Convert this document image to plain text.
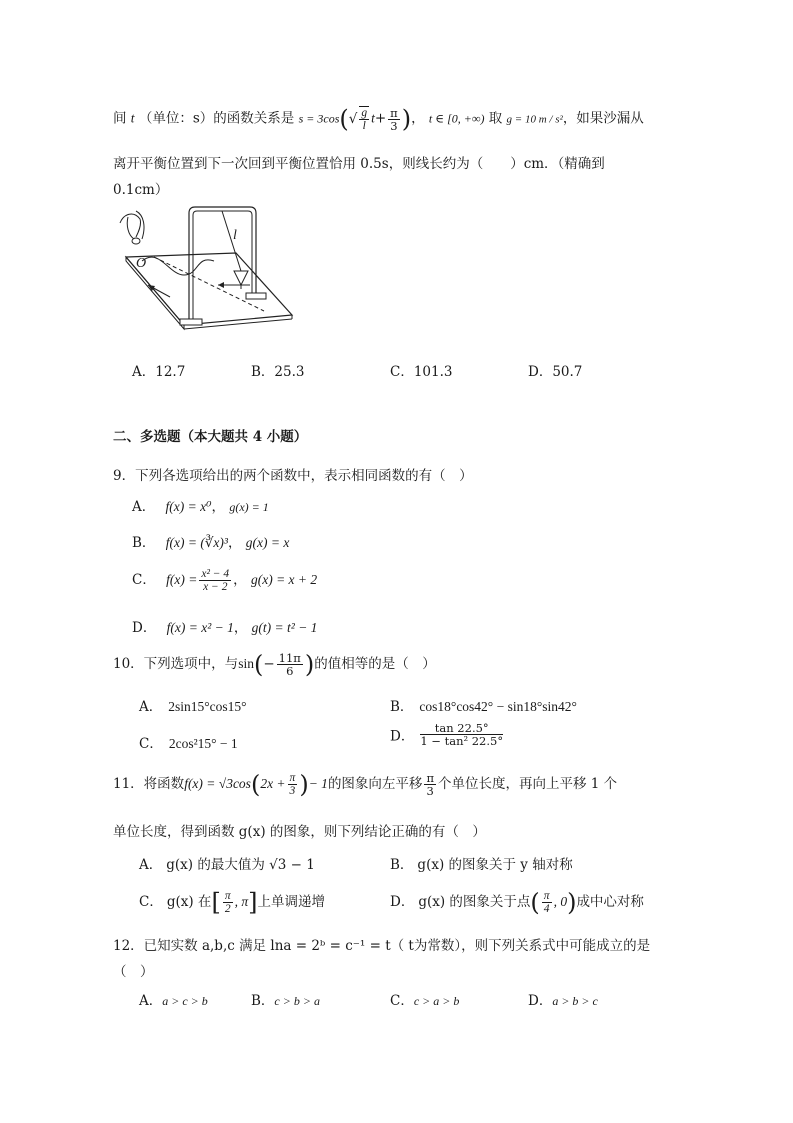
间 t （单位：s）的函数关系是 $s = 3\cos(√ \frac{g}{l} t+ \frac{\pi}{3}$ )， t ∈ [0, +∞) 取 g = 10 m / s²，如果沙漏从
离开平衡位置到下一次回到平衡位置恰用 0.5s，则线长约为（　　）cm．（精确到
0.1cm）
l
O
A．12.7	B．25.3	C．101.3	D．50.7
二、多选题（本大题共 4 小题）
9．下列各选项给出的两个函数中，表示相同函数的有（　）
A． f(x) = x⁰， g(x) = 1
B． f(x) = (∛x)³， g(x) = x
C． $f(x) = \frac{\text{x² − 4}}{x - 2}$ ， g(x) = x + 2
D． f(x) = x² − 1， g(t) = t² − 1
10．下列选项中，与$\sin(- \frac{11\pi}{6}$ )的值相等的是（　）
A． 2sin15°cos15°	B． cos18°cos42° − sin18°sin42°
C． 2cos²15° − 1	D． $\frac{\tan 22.5^\circ}{\text{1 − tan² 22.5°}}$
11．将函数$f(x) = √3\cos(2x + \frac{\pi}{3}$ )− 1的图象向左平移 $\frac{\pi}{3}$ 个单位长度，再向上平移 1 个
单位长度，得到函数 g(x) 的图象，则下列结论正确的有（　）
A． g(x) 的最大值为 √3 − 1	B． g(x) 的图象关于 y 轴对称
C． g(x) 在[ $\frac{\pi}{2}$ , π]上单调递增	D． g(x) 的图象关于点( $\frac{\pi}{4}$ , 0)成中心对称
12．已知实数 a,b,c 满足 lna = 2ᵇ = c⁻¹ = t（ t为常数），则下列关系式中可能成立的是
（　）
A．a > c > b	B．c > b > a	C．c > a > b	D．a > b > c
